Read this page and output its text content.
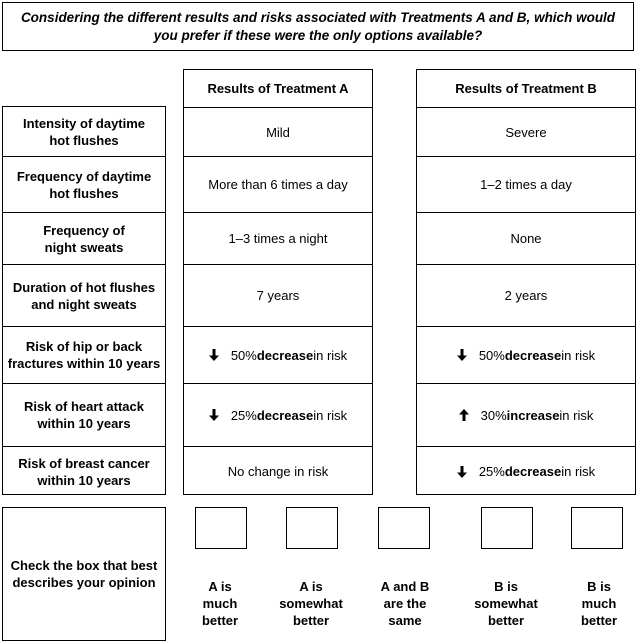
Considering the different results and risks associated with Treatments A and B, which would you prefer if these were the only options available?
Intensity of daytime hot flushes
Frequency of daytime hot flushes
Frequency of night sweats
Duration of hot flushes and night sweats
Risk of hip or back fractures within 10 years
Risk of heart attack within 10 years
Risk of breast cancer within 10 years
Results of Treatment A
Mild
More than 6 times a day
1–3 times a night
7 years
50% decrease in risk
25% decrease in risk
No change in risk
Results of Treatment B
Severe
1–2 times a day
None
2 years
50% decrease in risk
30% increase in risk
25% decrease in risk
Check the box that best describes your opinion	A is much better
A is somewhat better
A and B are the same
B is somewhat better
B is much better
